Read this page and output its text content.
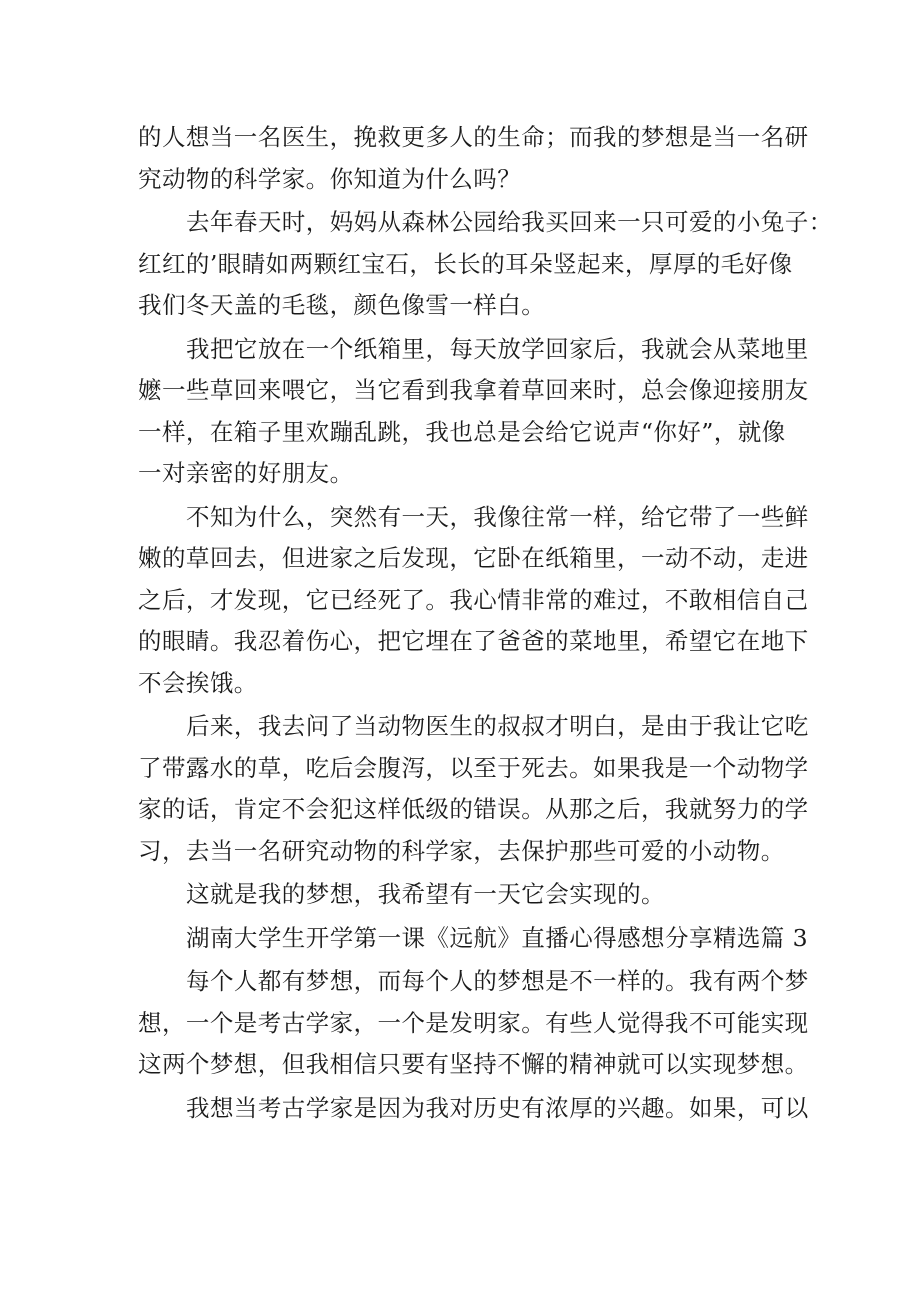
的人想当一名医生，挽救更多人的生命；而我的梦想是当一名研
究动物的科学家。你知道为什么吗？
去年春天时，妈妈从森林公园给我买回来一只可爱的小兔子：
红红的’眼睛如两颗红宝石，长长的耳朵竖起来，厚厚的毛好像
我们冬天盖的毛毯，颜色像雪一样白。
我把它放在一个纸箱里，每天放学回家后，我就会从菜地里
嬷一些草回来喂它，当它看到我拿着草回来时，总会像迎接朋友
一样，在箱子里欢蹦乱跳，我也总是会给它说声“你好”，就像
一对亲密的好朋友。
不知为什么，突然有一天，我像往常一样，给它带了一些鲜
嫩的草回去，但进家之后发现，它卧在纸箱里，一动不动，走进
之后，才发现，它已经死了。我心情非常的难过，不敢相信自己
的眼睛。我忍着伤心，把它埋在了爸爸的菜地里，希望它在地下
不会挨饿。
后来，我去问了当动物医生的叔叔才明白，是由于我让它吃
了带露水的草，吃后会腹泻，以至于死去。如果我是一个动物学
家的话，肯定不会犯这样低级的错误。从那之后，我就努力的学
习，去当一名研究动物的科学家，去保护那些可爱的小动物。
这就是我的梦想，我希望有一天它会实现的。
湖南大学生开学第一课《远航》直播心得感想分享精选篇 3
每个人都有梦想，而每个人的梦想是不一样的。我有两个梦
想，一个是考古学家，一个是发明家。有些人觉得我不可能实现
这两个梦想，但我相信只要有坚持不懈的精神就可以实现梦想。
我想当考古学家是因为我对历史有浓厚的兴趣。如果，可以
